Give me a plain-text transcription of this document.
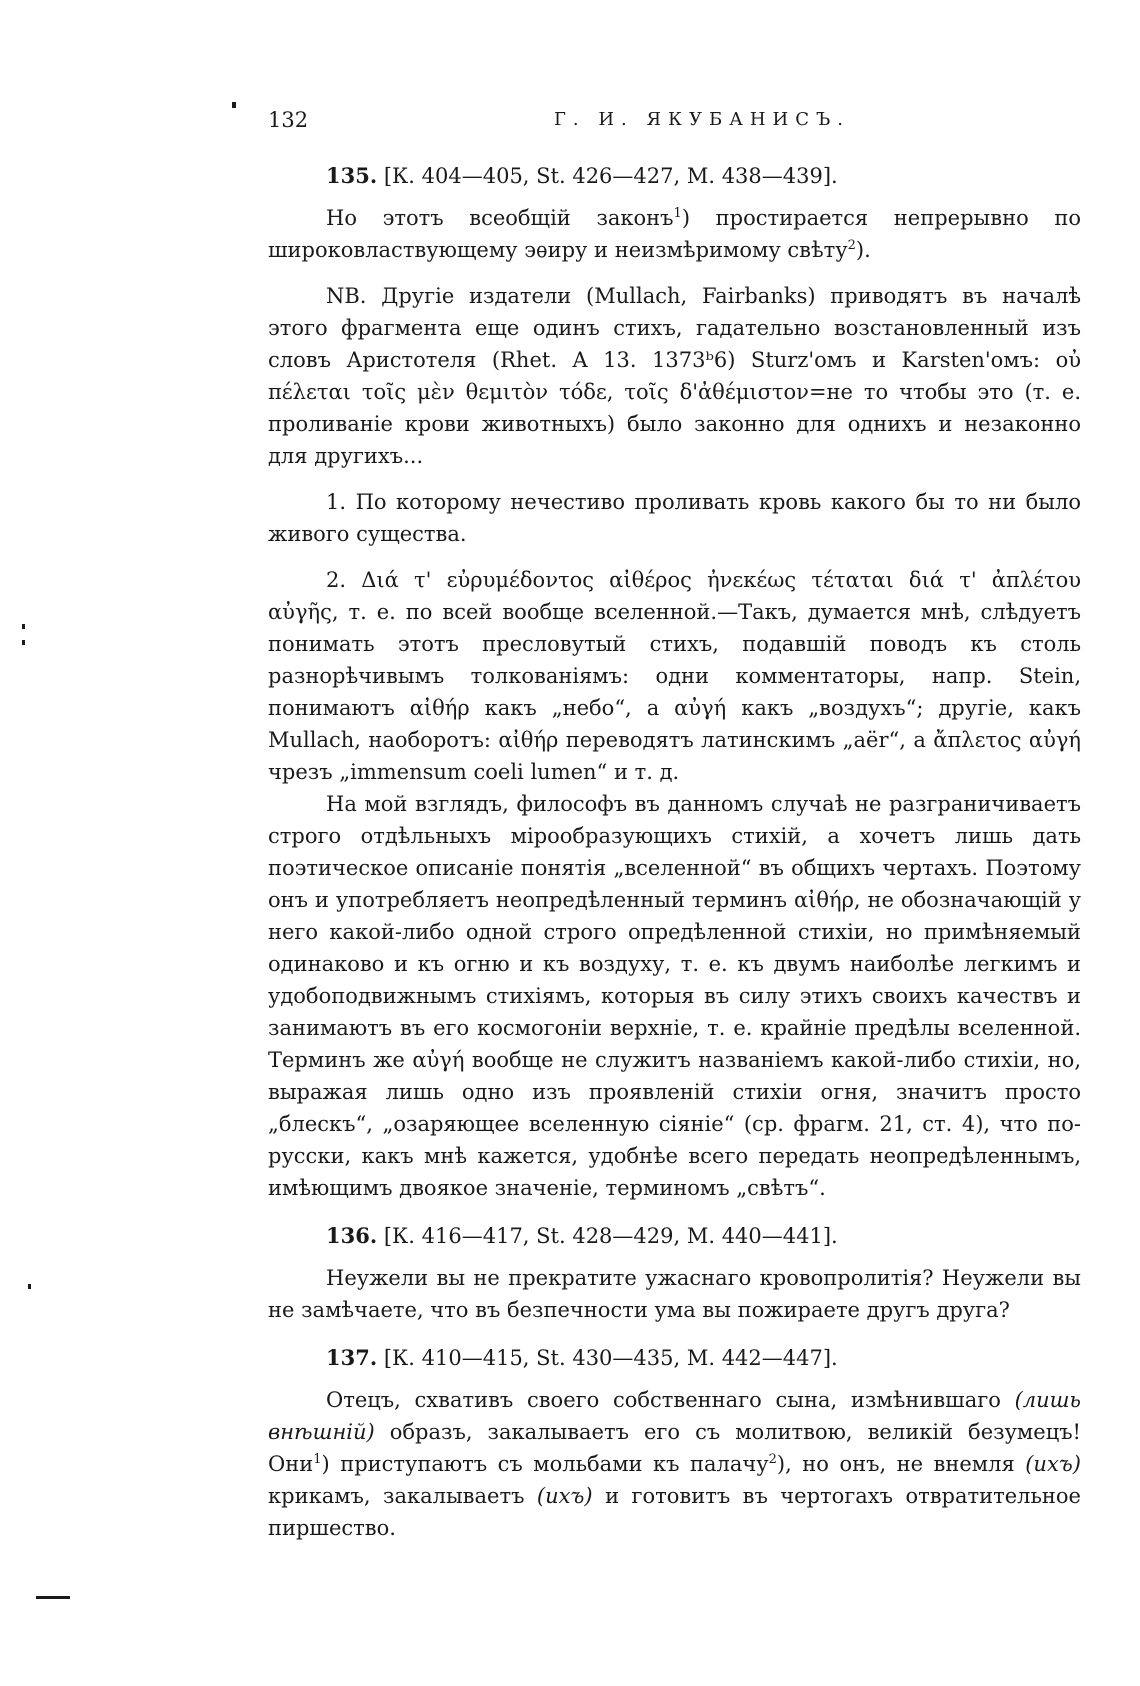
132	Г. И. ЯКУБАНИСЪ.
135. [К. 404—405, St. 426—427, M. 438—439].

Но этотъ всеобщій законъ$^1$) простирается непрерывно по широковластвующему эѳиру и неизмѣримому свѣту$^2$).

NB. Другіе издатели (Mullach, Fairbanks) приводятъ въ началѣ этого фрагмента еще одинъ стихъ, гадательно возстановленный изъ словъ Аристотеля (Rhet. A 13. 1373ᵇ6) Sturz'омъ и Karsten'омъ: οὐ πέλεται τοῖς μὲν θεμιτὸν τόδε, τοῖς δ'ἀθέμιστον=не то чтобы это (т. е. проливаніе крови животныхъ) было законно для однихъ и незаконно для другихъ...

1. По которому нечестиво проливать кровь какого бы то ни было живого существа.

2. Διά τ' εὐρυμέδοντος αἰθέρος ἠνεκέως τέταται διά τ' ἀπλέτου αὐγῆς, т. е. по всей вообще вселенной.—Такъ, думается мнѣ, слѣдуетъ понимать этотъ пресловутый стихъ, подавшій поводъ къ столь разнорѣчивымъ толкованіямъ: одни комментаторы, напр. Stein, понимаютъ αἰθήρ какъ „небо“, а αὐγή какъ „воздухъ“; другіе, какъ Mullach, наоборотъ: αἰθήρ переводятъ латинскимъ „aër“, а ἄπλετος αὐγή чрезъ „immensum coeli lumen“ и т. д.

На мой взглядъ, философъ въ данномъ случаѣ не разграничиваетъ строго отдѣльныхъ мірообразующихъ стихій, а хочетъ лишь дать поэтическое описаніе понятія „вселенной“ въ общихъ чертахъ. Поэтому онъ и употребляетъ неопредѣленный терминъ αἰθήρ, не обозначающій у него какой-либо одной строго опредѣленной стихіи, но примѣняемый одинаково и къ огню и къ воздуху, т. е. къ двумъ наиболѣе легкимъ и удобоподвижнымъ стихіямъ, которыя въ силу этихъ своихъ качествъ и занимаютъ въ его космогоніи верхніе, т. е. крайніе предѣлы вселенной. Терминъ же αὐγή вообще не служитъ названіемъ какой-либо стихіи, но, выражая лишь одно изъ проявленій стихіи огня, значитъ просто „блескъ“, „озаряющее вселенную сіяніе“ (ср. фрагм. 21, ст. 4), что по-русски, какъ мнѣ кажется, удобнѣе всего передать неопредѣленнымъ, имѣющимъ двоякое значеніе, терминомъ „свѣтъ“.

136. [К. 416—417, St. 428—429, M. 440—441].

Неужели вы не прекратите ужаснаго кровопролитія? Неужели вы не замѣчаете, что въ безпечности ума вы пожираете другъ друга?

137. [К. 410—415, St. 430—435, M. 442—447].

Отецъ, схвативъ своего собственнаго сына, измѣнившаго (лишь внѣшній) образъ, закалываетъ его съ молитвою, великій безумецъ! Они$^1$) приступаютъ съ мольбами къ палачу$^2$), но онъ, не внемля (ихъ) крикамъ, закалываетъ (ихъ) и готовитъ въ чертогахъ отвратительное пиршество.
